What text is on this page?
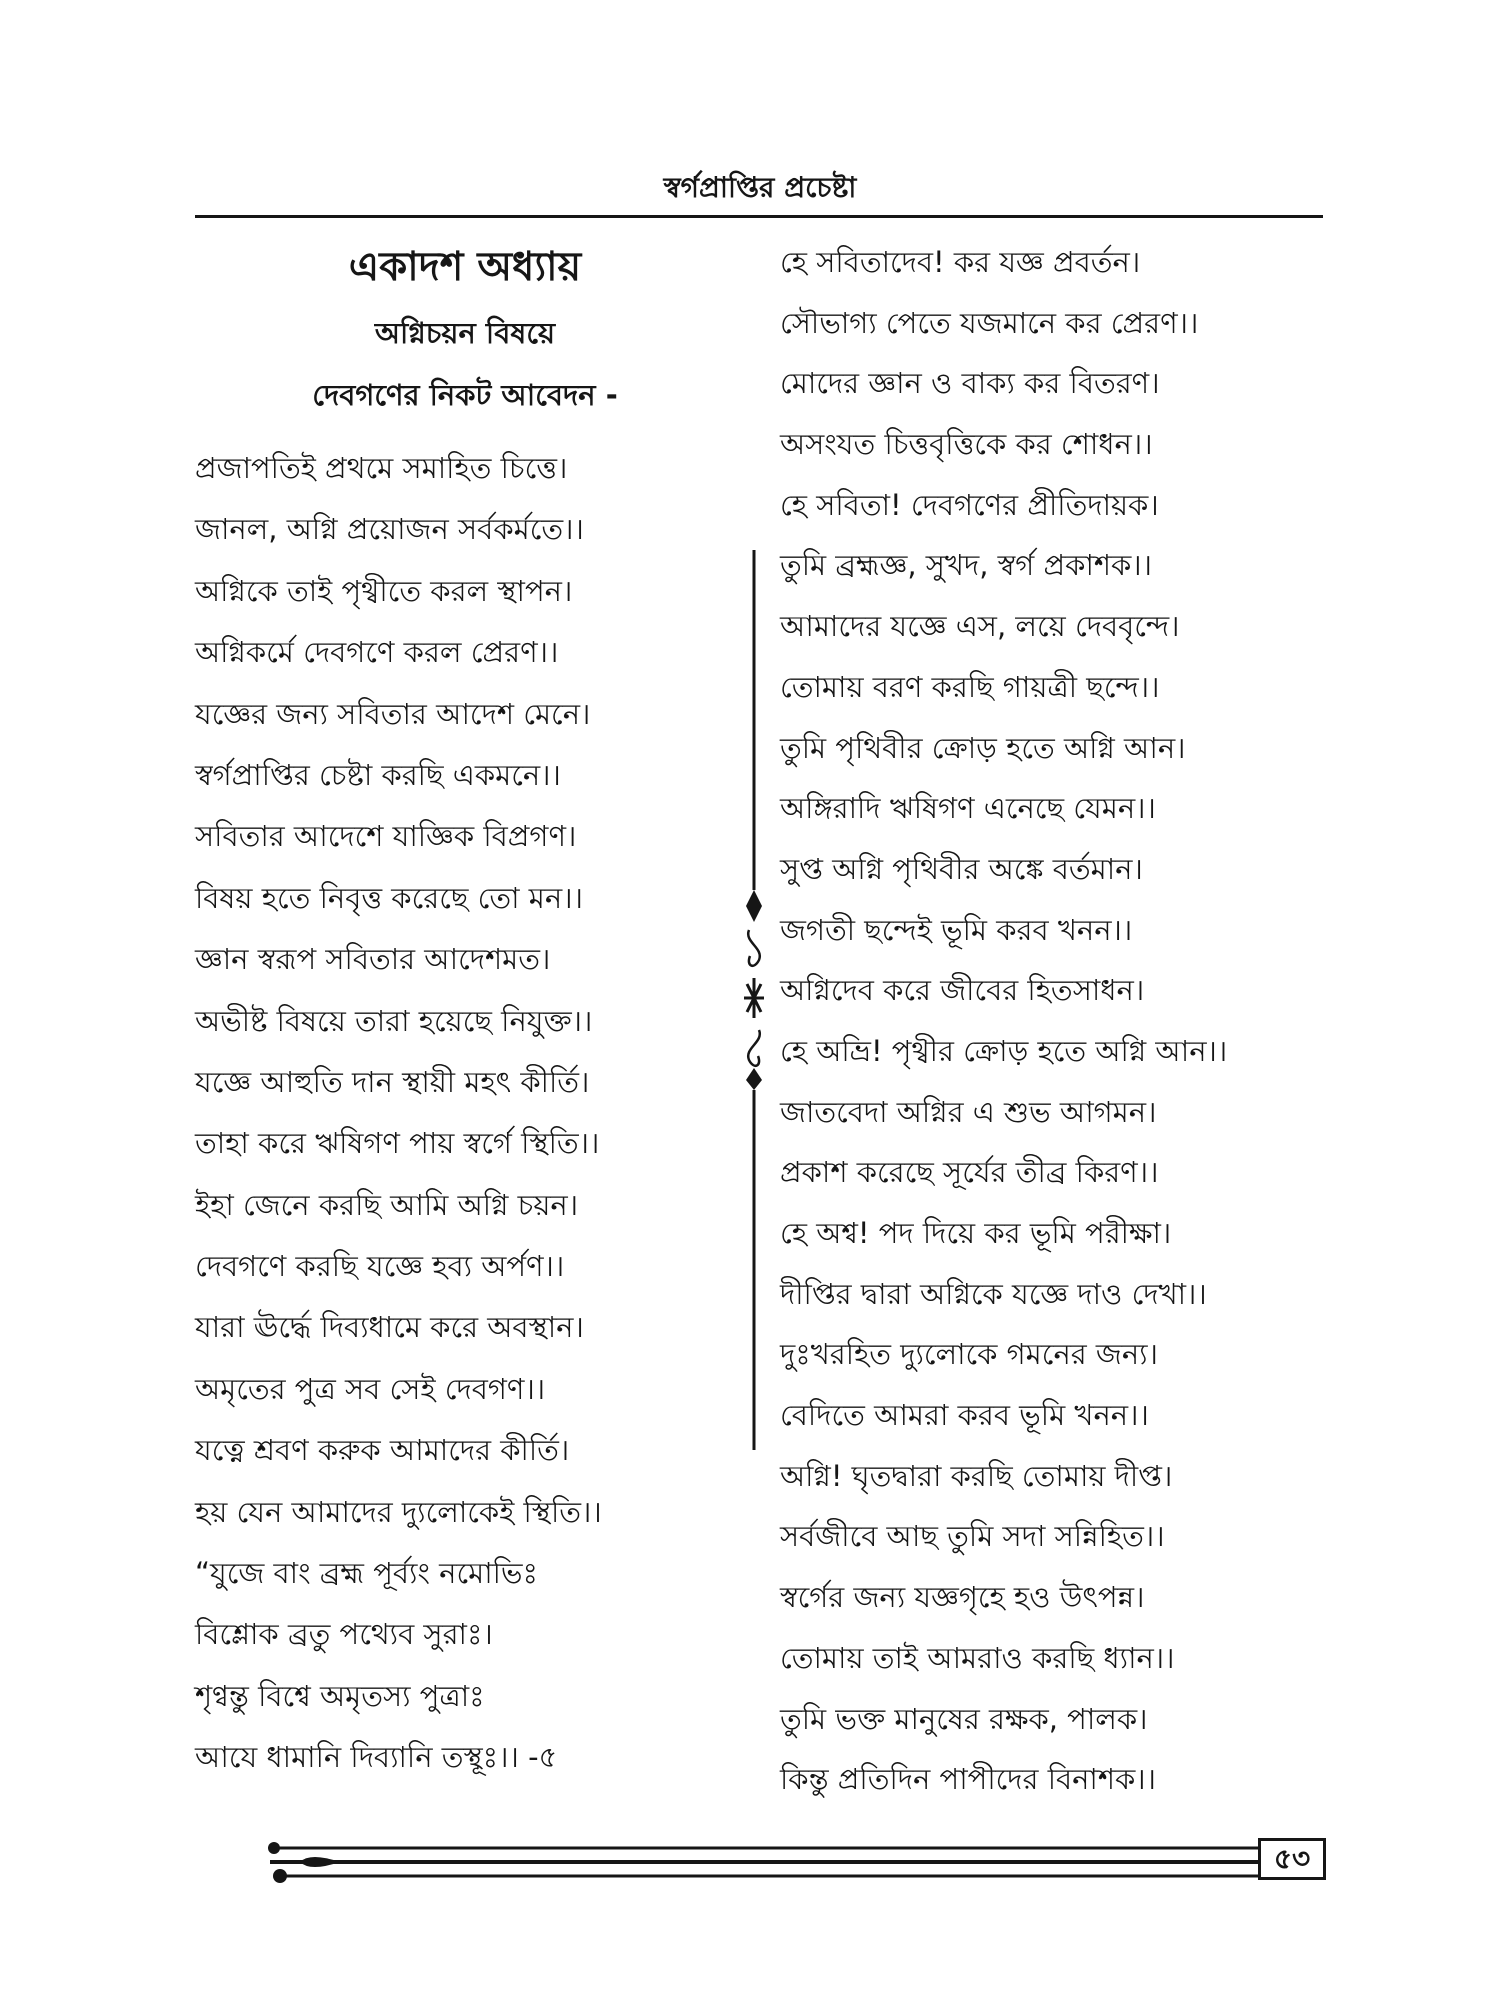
স্বর্গপ্রাপ্তির প্রচেষ্টা
একাদশ অধ্যায়
অগ্নিচয়ন বিষয়ে
দেবগণের নিকট আবেদন -
প্রজাপতিই প্রথমে সমাহিত চিত্তে।
জানল, অগ্নি প্রয়োজন সর্বকর্মতে।।
অগ্নিকে তাই পৃথ্বীতে করল স্থাপন।
অগ্নিকর্মে দেবগণে করল প্রেরণ।।
যজ্ঞের জন্য সবিতার আদেশ মেনে।
স্বর্গপ্রাপ্তির চেষ্টা করছি একমনে।।
সবিতার আদেশে যাজ্ঞিক বিপ্রগণ।
বিষয় হতে নিবৃত্ত করেছে তো মন।।
জ্ঞান স্বরূপ সবিতার আদেশমত।
অভীষ্ট বিষয়ে তারা হয়েছে নিযুক্ত।।
যজ্ঞে আহুতি দান স্থায়ী মহৎ কীর্তি।
তাহা করে ঋষিগণ পায় স্বর্গে স্থিতি।।
ইহা জেনে করছি আমি অগ্নি চয়ন।
দেবগণে করছি যজ্ঞে হব্য অর্পণ।।
যারা ঊর্দ্ধে দিব্যধামে করে অবস্থান।
অমৃতের পুত্র সব সেই দেবগণ।।
যত্নে শ্রবণ করুক আমাদের কীর্তি।
হয় যেন আমাদের দ্যুলোকেই স্থিতি।।
“যুজে বাং ব্রহ্ম পূর্ব্যং নমোভিঃ
বিশ্লোক ব্রতু পথ্যেব সুরাঃ।
শৃণ্বন্তু বিশ্বে অমৃতস্য পুত্রাঃ
আযে ধামানি দিব্যানি তস্থূঃ।। -৫
হে সবিতাদেব! কর যজ্ঞ প্রবর্তন।
সৌভাগ্য পেতে যজমানে কর প্রেরণ।।
মোদের জ্ঞান ও বাক্য কর বিতরণ।
অসংযত চিত্তবৃত্তিকে কর শোধন।।
হে সবিতা! দেবগণের প্রীতিদায়ক।
তুমি ব্রহ্মজ্ঞ, সুখদ, স্বর্গ প্রকাশক।।
আমাদের যজ্ঞে এস, লয়ে দেববৃন্দে।
তোমায় বরণ করছি গায়ত্রী ছন্দে।।
তুমি পৃথিবীর ক্রোড় হতে অগ্নি আন।
অঙ্গিরাদি ঋষিগণ এনেছে যেমন।।
সুপ্ত অগ্নি পৃথিবীর অঙ্কে বর্তমান।
জগতী ছন্দেই ভূমি করব খনন।।
অগ্নিদেব করে জীবের হিতসাধন।
হে অভ্রি! পৃথ্বীর ক্রোড় হতে অগ্নি আন।।
জাতবেদা অগ্নির এ শুভ আগমন।
প্রকাশ করেছে সূর্যের তীব্র কিরণ।।
হে অশ্ব! পদ দিয়ে কর ভূমি পরীক্ষা।
দীপ্তির দ্বারা অগ্নিকে যজ্ঞে দাও দেখা।।
দুঃখরহিত দ্যুলোকে গমনের জন্য।
বেদিতে আমরা করব ভূমি খনন।।
অগ্নি! ঘৃতদ্বারা করছি তোমায় দীপ্ত।
সর্বজীবে আছ তুমি সদা সন্নিহিত।।
স্বর্গের জন্য যজ্ঞগৃহে হও উৎপন্ন।
তোমায় তাই আমরাও করছি ধ্যান।।
তুমি ভক্ত মানুষের রক্ষক, পালক।
কিন্তু প্রতিদিন পাপীদের বিনাশক।।
৫৩
